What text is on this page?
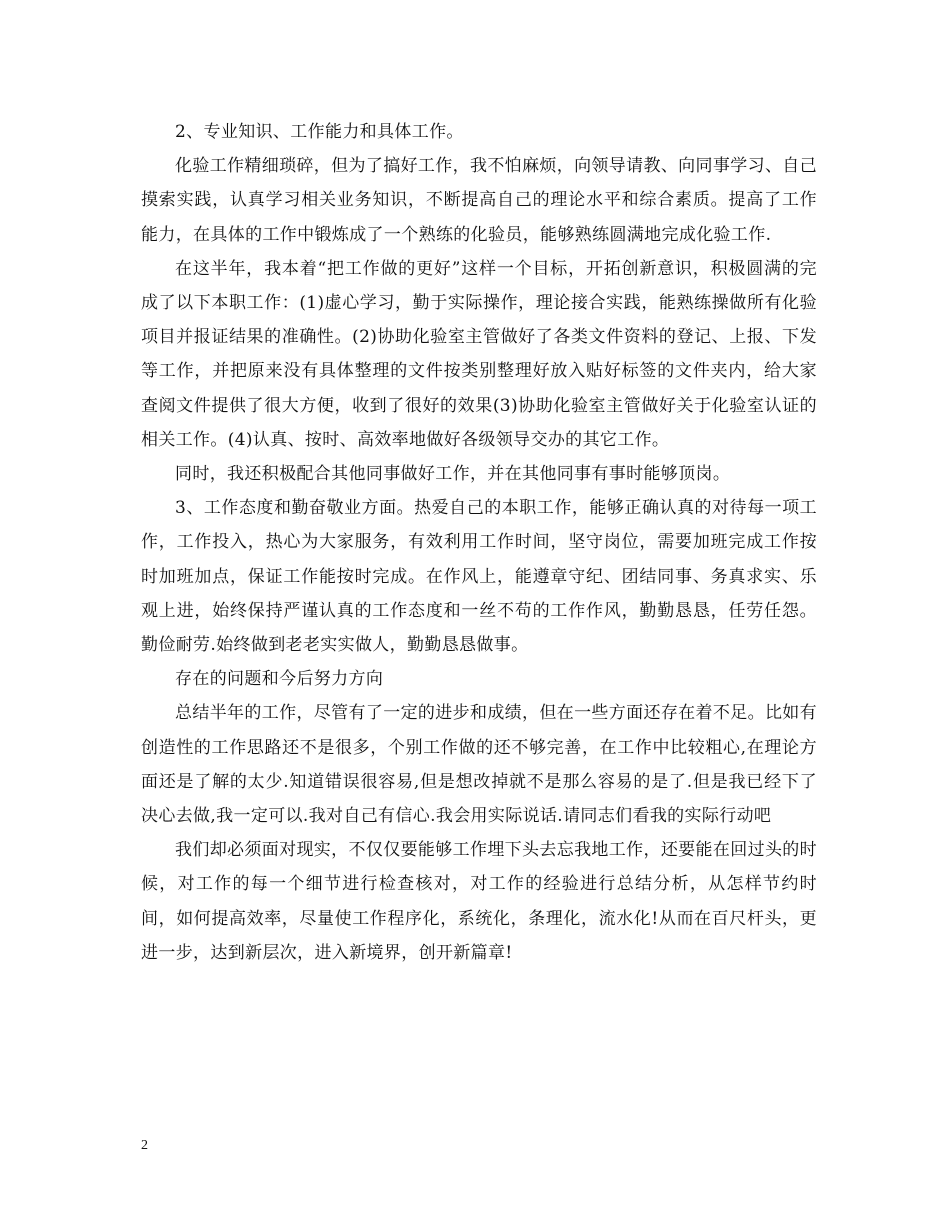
2、专业知识、工作能力和具体工作。

化验工作精细琐碎，但为了搞好工作，我不怕麻烦，向领导请教、向同事学习、自己摸索实践，认真学习相关业务知识，不断提高自己的理论水平和综合素质。提高了工作能力，在具体的工作中锻炼成了一个熟练的化验员，能够熟练圆满地完成化验工作.

在这半年，我本着“把工作做的更好”这样一个目标，开拓创新意识，积极圆满的完成了以下本职工作：(1)虚心学习，勤于实际操作，理论接合实践，能熟练操做所有化验项目并报证结果的准确性。(2)协助化验室主管做好了各类文件资料的登记、上报、下发等工作，并把原来没有具体整理的文件按类别整理好放入贴好标签的文件夹内，给大家查阅文件提供了很大方便，收到了很好的效果(3)协助化验室主管做好关于化验室认证的相关工作。(4)认真、按时、高效率地做好各级领导交办的其它工作。

同时，我还积极配合其他同事做好工作，并在其他同事有事时能够顶岗。

3、工作态度和勤奋敬业方面。热爱自己的本职工作，能够正确认真的对待每一项工作，工作投入，热心为大家服务，有效利用工作时间，坚守岗位，需要加班完成工作按时加班加点，保证工作能按时完成。在作风上，能遵章守纪、团结同事、务真求实、乐观上进，始终保持严谨认真的工作态度和一丝不苟的工作作风，勤勤恳恳，任劳任怨。勤俭耐劳.始终做到老老实实做人，勤勤恳恳做事。

存在的问题和今后努力方向

总结半年的工作，尽管有了一定的进步和成绩，但在一些方面还存在着不足。比如有创造性的工作思路还不是很多，个别工作做的还不够完善，在工作中比较粗心,在理论方面还是了解的太少.知道错误很容易,但是想改掉就不是那么容易的是了.但是我已经下了决心去做,我一定可以.我对自己有信心.我会用实际说话.请同志们看我的实际行动吧

我们却必须面对现实，不仅仅要能够工作埋下头去忘我地工作，还要能在回过头的时候，对工作的每一个细节进行检查核对，对工作的经验进行总结分析，从怎样节约时间，如何提高效率，尽量使工作程序化，系统化，条理化，流水化!从而在百尺杆头，更进一步，达到新层次，进入新境界，创开新篇章!

2
